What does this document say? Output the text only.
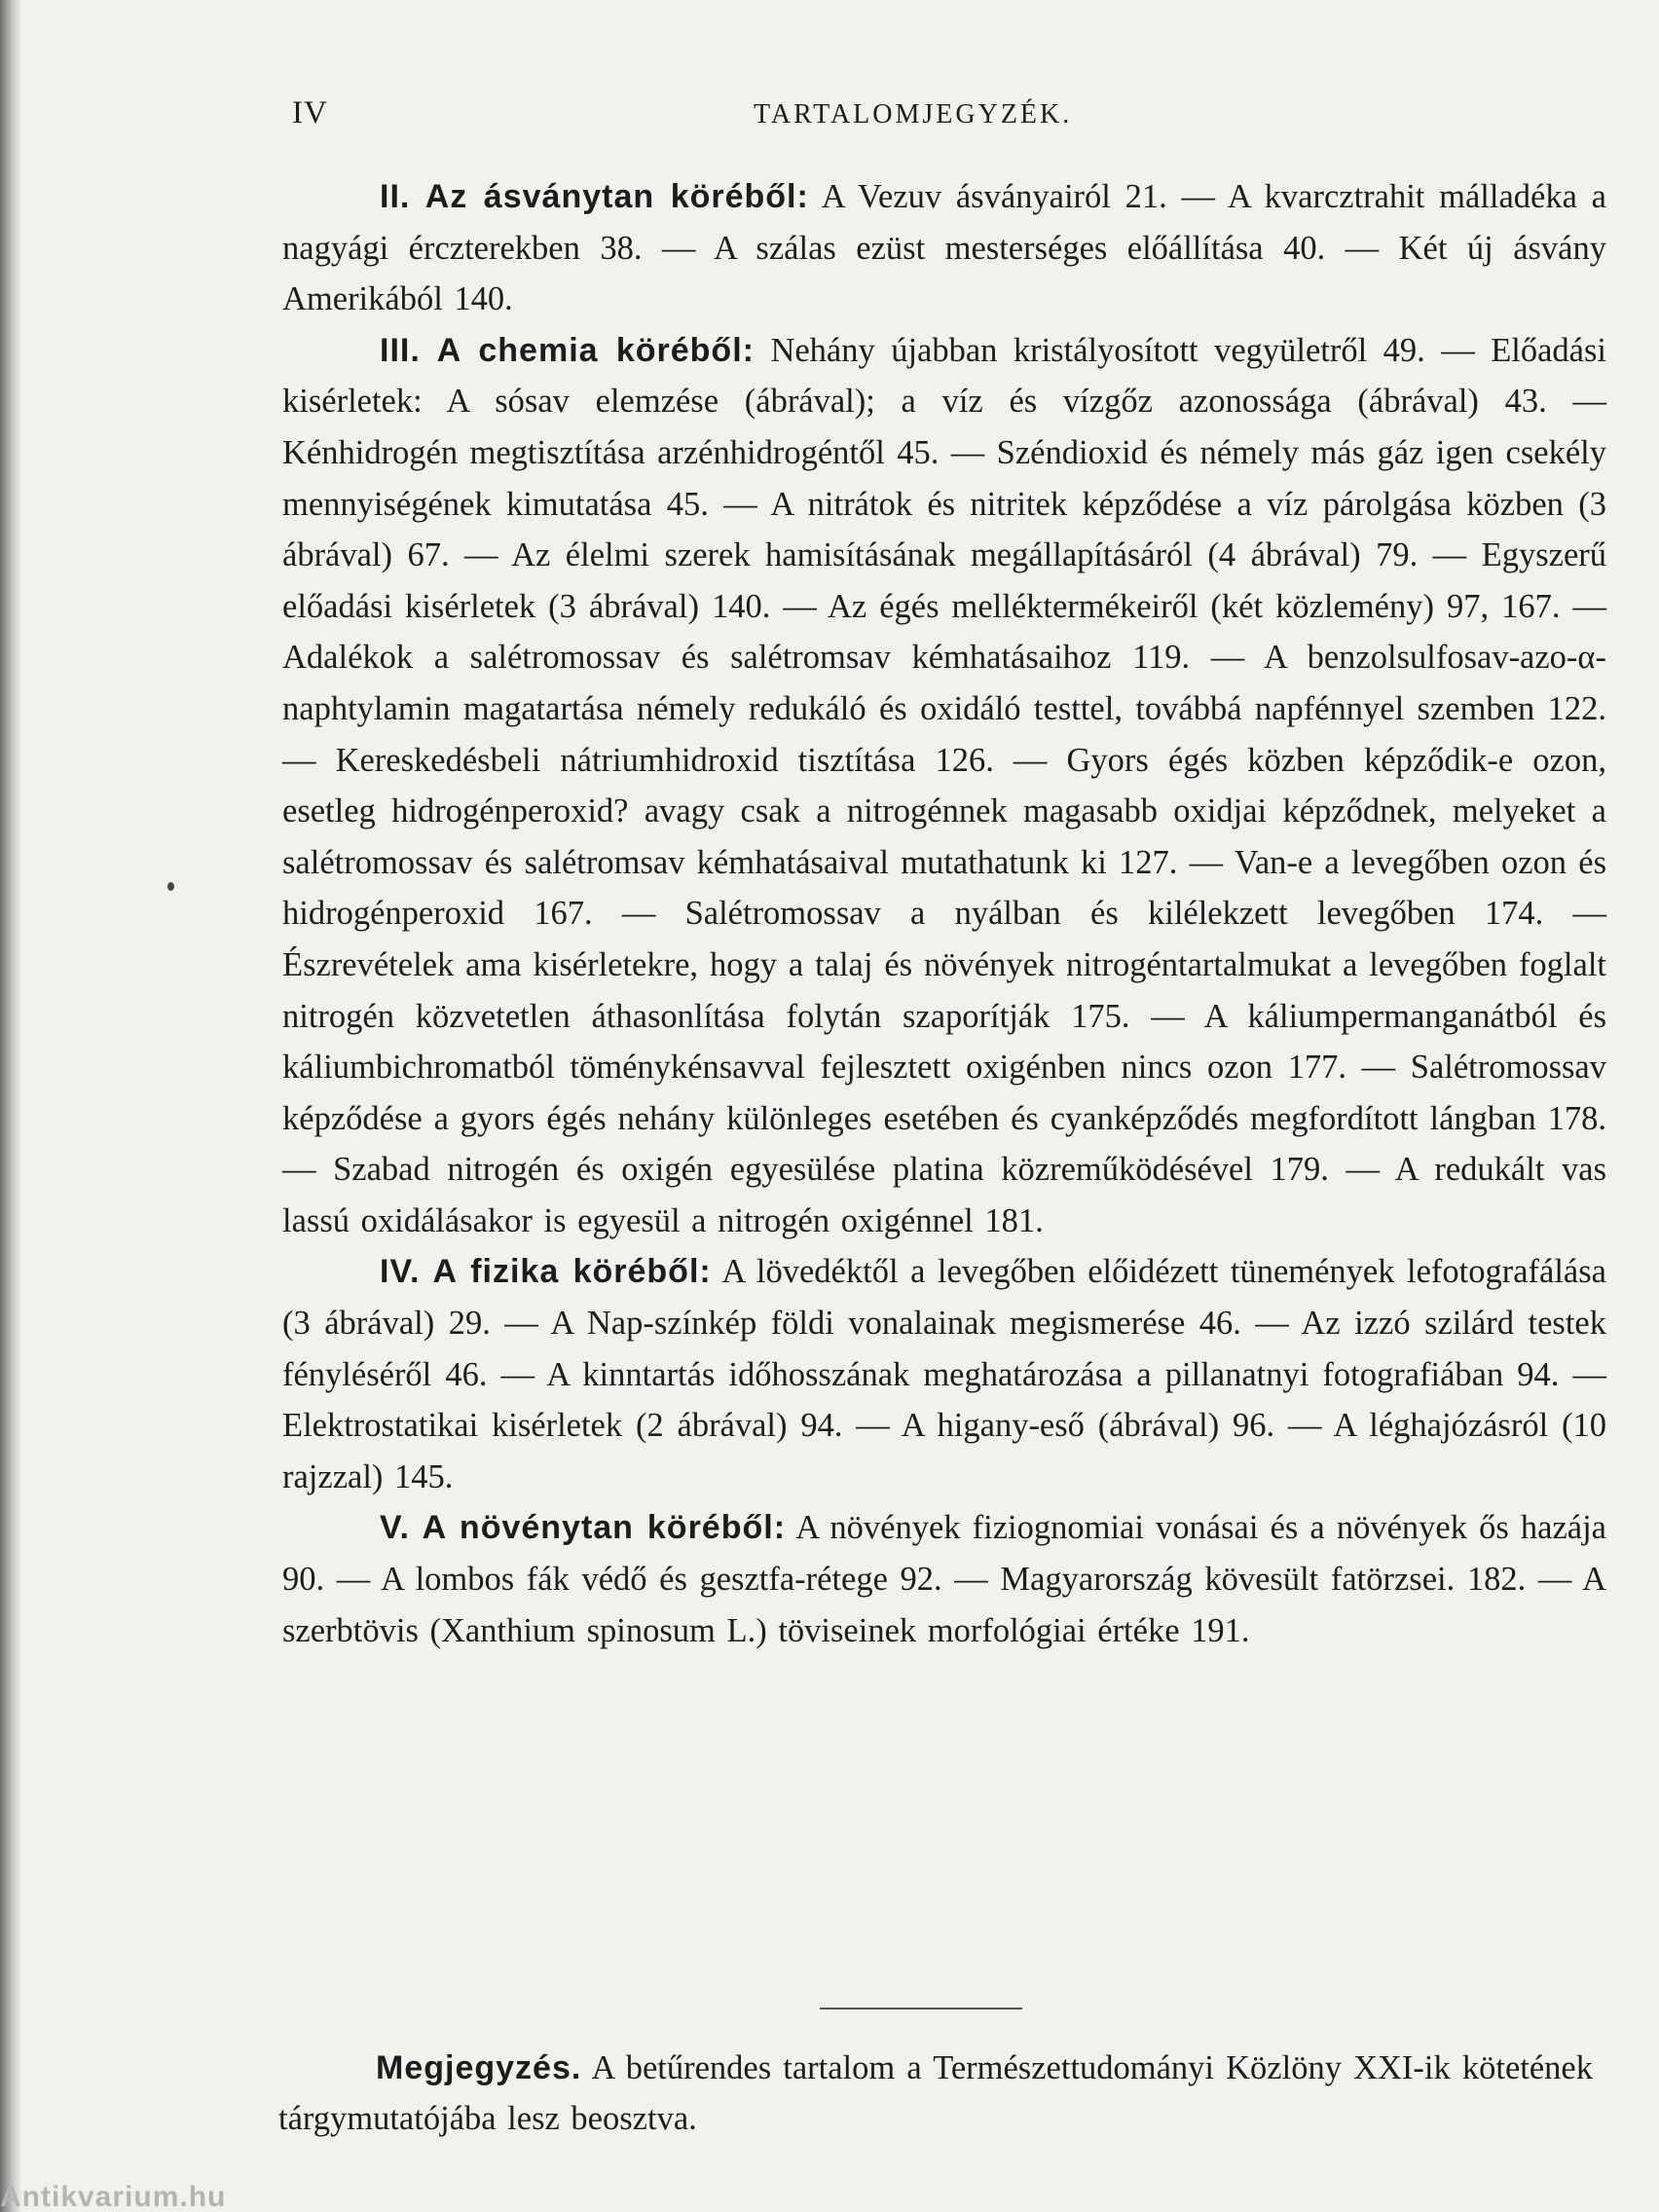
IV	TARTALOMJEGYZÉK.

II. Az ásványtan köréből: A Vezuv ásványairól 21. — A kvarcztrahit málladéka a nagyági érczterekben 38. — A szálas ezüst mesterséges előállítása 40. — Két új ásvány Amerikából 140.

III. A chemia köréből: Nehány újabban kristályosított vegyületről 49. — Előadási kisérletek: A sósav elemzése (ábrával); a víz és vízgőz azonossága (ábrával) 43. — Kénhidrogén megtisztítása arzénhidrogéntől 45. — Széndioxid és némely más gáz igen csekély mennyiségének kimutatása 45. — A nitrátok és nitritek képződése a víz párolgása közben (3 ábrával) 67. — Az élelmi szerek hamisításának megállapításáról (4 ábrával) 79. — Egyszerű előadási kisérletek (3 ábrával) 140. — Az égés melléktermékeiről (két közlemény) 97, 167. — Adalékok a salétromossav és salétromsav kémhatásaihoz 119. — A benzolsulfosav-azo-α-naphtylamin magatartása némely redukáló és oxidáló testtel, továbbá napfénnyel szemben 122. — Kereskedésbeli nátriumhidroxid tisztítása 126. — Gyors égés közben képződik-e ozon, esetleg hidrogénperoxid? avagy csak a nitrogénnek magasabb oxidjai képződnek, melyeket a salétromossav és salétromsav kémhatásaival mutathatunk ki 127. — Van-e a levegőben ozon és hidrogénperoxid 167. — Salétromossav a nyálban és kilélekzett levegőben 174. — Észrevételek ama kisérletekre, hogy a talaj és növények nitrogéntartalmukat a levegőben foglalt nitrogén közvetetlen áthasonlítása folytán szaporítják 175. — A káliumpermanganátból és káliumbichromatból töménykénsavval fejlesztett oxigénben nincs ozon 177. — Salétromossav képződése a gyors égés nehány különleges esetében és cyanképződés megfordított lángban 178. — Szabad nitrogén és oxigén egyesülése platina közreműködésével 179. — A redukált vas lassú oxidálásakor is egyesül a nitrogén oxigénnel 181.

IV. A fizika köréből: A lövedéktől a levegőben előidézett tünemények lefotografálása (3 ábrával) 29. — A Nap-színkép földi vonalainak megismerése 46. — Az izzó szilárd testek fényléséről 46. — A kinntartás időhosszának meghatározása a pillanatnyi fotografiában 94. — Elektrostatikai kisérletek (2 ábrával) 94. — A higany-eső (ábrával) 96. — A léghajózásról (10 rajzzal) 145.

V. A növénytan köréből: A növények fiziognomiai vonásai és a növények ős hazája 90. — A lombos fák védő és gesztfa-rétege 92. — Magyarország kövesült fatörzsei. 182. — A szerbtövis (Xanthium spinosum L.) töviseinek morfológiai értéke 191.

Megjegyzés. A betűrendes tartalom a Természettudományi Közlöny XXI-ik kötetének tárgymutatójába lesz beosztva.

Antikvarium.hu
